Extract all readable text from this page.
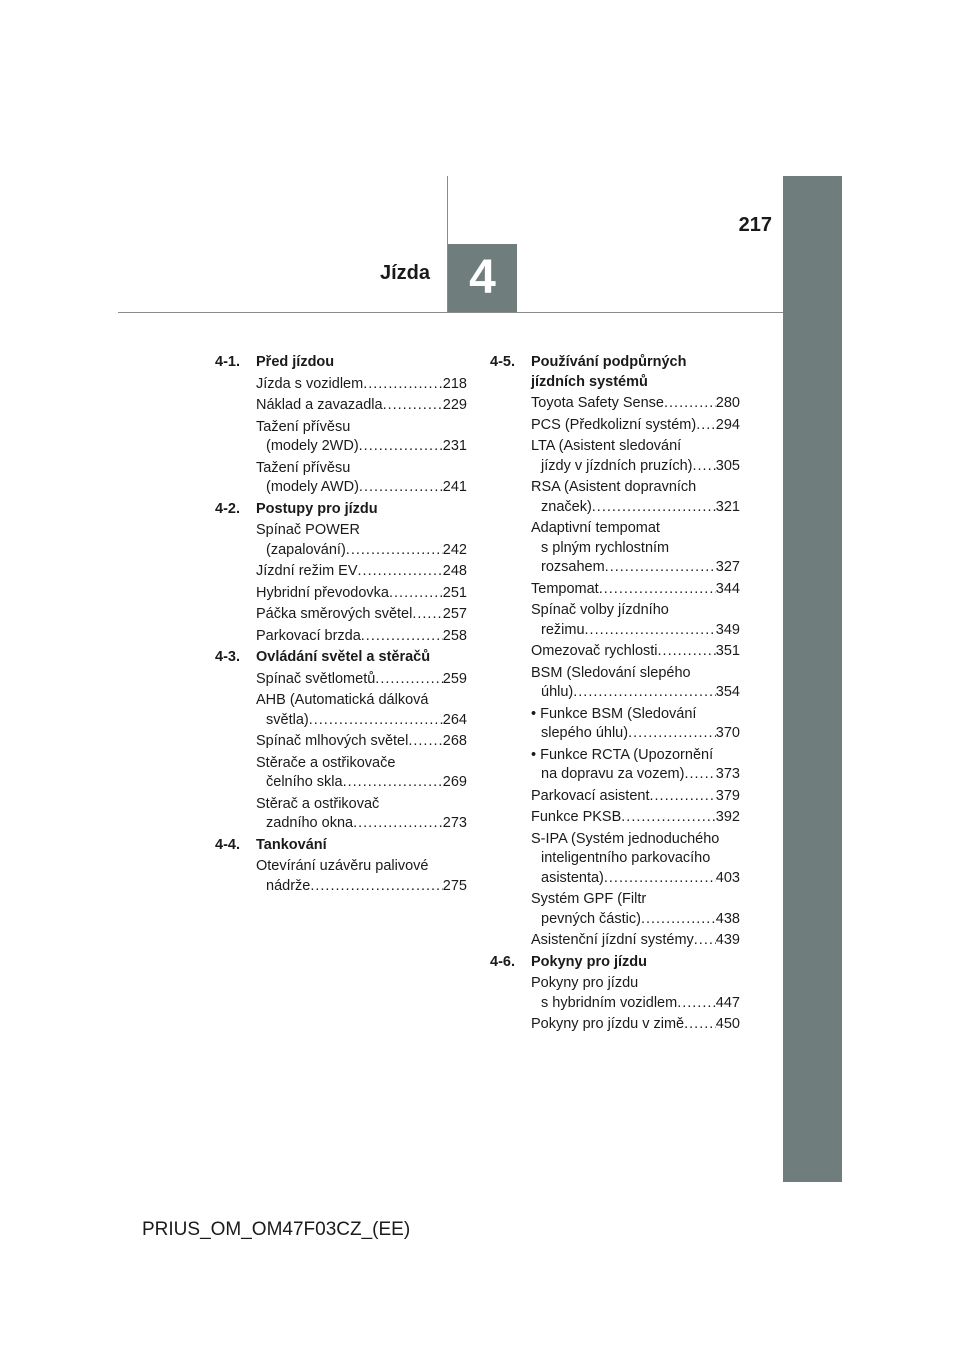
4
Jízda
217
4-1. Před jízdou
Jízda s vozidlem .....	218
Náklad a zavazadla .....	229
Tažení přívěsu
(modely 2WD) .....	231
Tažení přívěsu
(modely AWD) .....	241
4-2. Postupy pro jízdu
Spínač POWER
(zapalování) .....	242
Jízdní režim EV .....	248
Hybridní převodovka .....	251
Páčka směrových světel ..... 257
Parkovací brzda .....	258
4-3. Ovládání světel a stěračů
Spínač světlometů .....	259
AHB (Automatická dálková
světla) .....	264
Spínač mlhových světel ..... 268
Stěrače a ostřikovače
čelního skla .....	269
Stěrač a ostřikovač
zadního okna .....	273
4-4. Tankování
Otevírání uzávěru palivové
nádrže .....	275
4-5. Používání podpůrných jízdních systémů
Toyota Safety Sense .....	280
PCS (Předkolizní systém) ..... 294
LTA (Asistent sledování
jízdy v jízdních pruzích) ..... 305
RSA (Asistent dopravních
značek) .....	321
Adaptivní tempomat
s plným rychlostním
rozsahem .....	327
Tempomat .....	344
Spínač volby jízdního
režimu .....	349
Omezovač rychlosti .....	351
BSM (Sledování slepého
úhlu) .....	354
• Funkce BSM (Sledování
slepého úhlu) .....	370
• Funkce RCTA (Upozornění
na dopravu za vozem) ..... 373
Parkovací asistent .....	379
Funkce PKSB .....	392
S-IPA (Systém jednoduchého
inteligentního parkovacího
asistenta) .....	403
Systém GPF (Filtr
pevných částic) .....	438
Asistenční jízdní systémy ..... 439
4-6. Pokyny pro jízdu
Pokyny pro jízdu
s hybridním vozidlem .....	447
Pokyny pro jízdu v zimě ..... 450
PRIUS_OM_OM47F03CZ_(EE)
